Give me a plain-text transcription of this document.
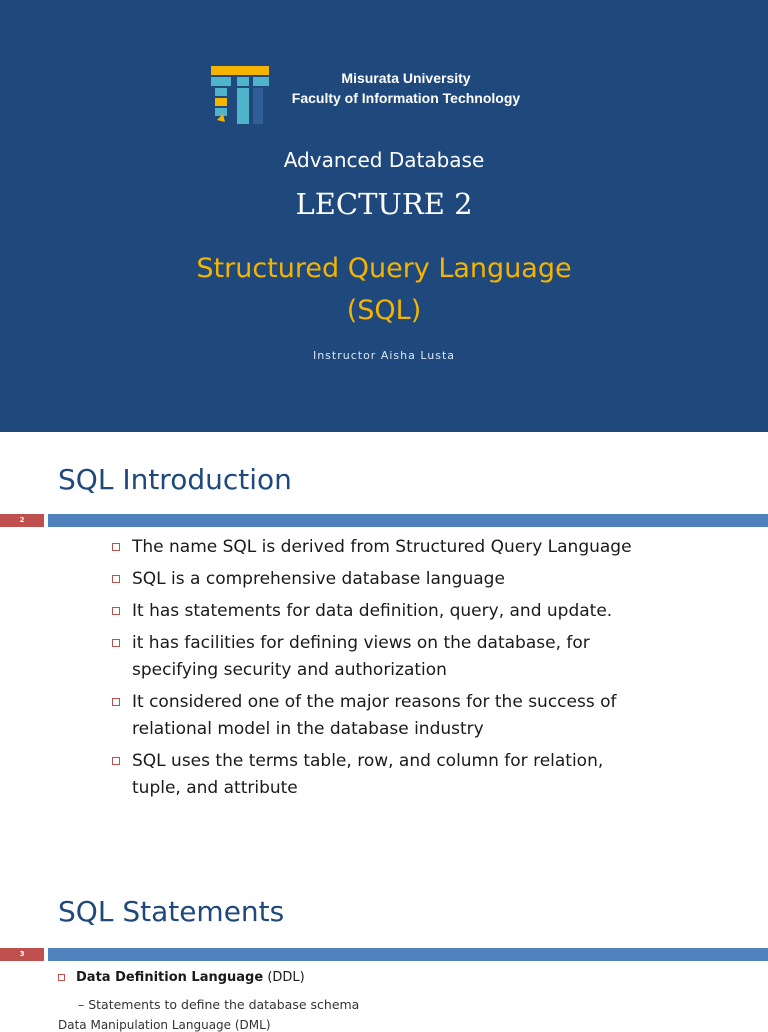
Misurata University
Faculty of Information Technology
Advanced Database
LECTURE 2
Structured Query Language
(SQL)
Instructor Aisha Lusta
SQL Introduction
2
The name SQL is derived from Structured Query Language
SQL is a comprehensive database language
It has statements for data definition, query, and update.
it has facilities for defining views on the database, for specifying security and authorization
It considered one of the major reasons for the success of relational model in the database industry
SQL uses the terms table, row, and column for relation, tuple, and attribute
SQL Statements
3
Data Definition Language (DDL)
– Statements to define the database schema
Data Manipulation Language (DML)
